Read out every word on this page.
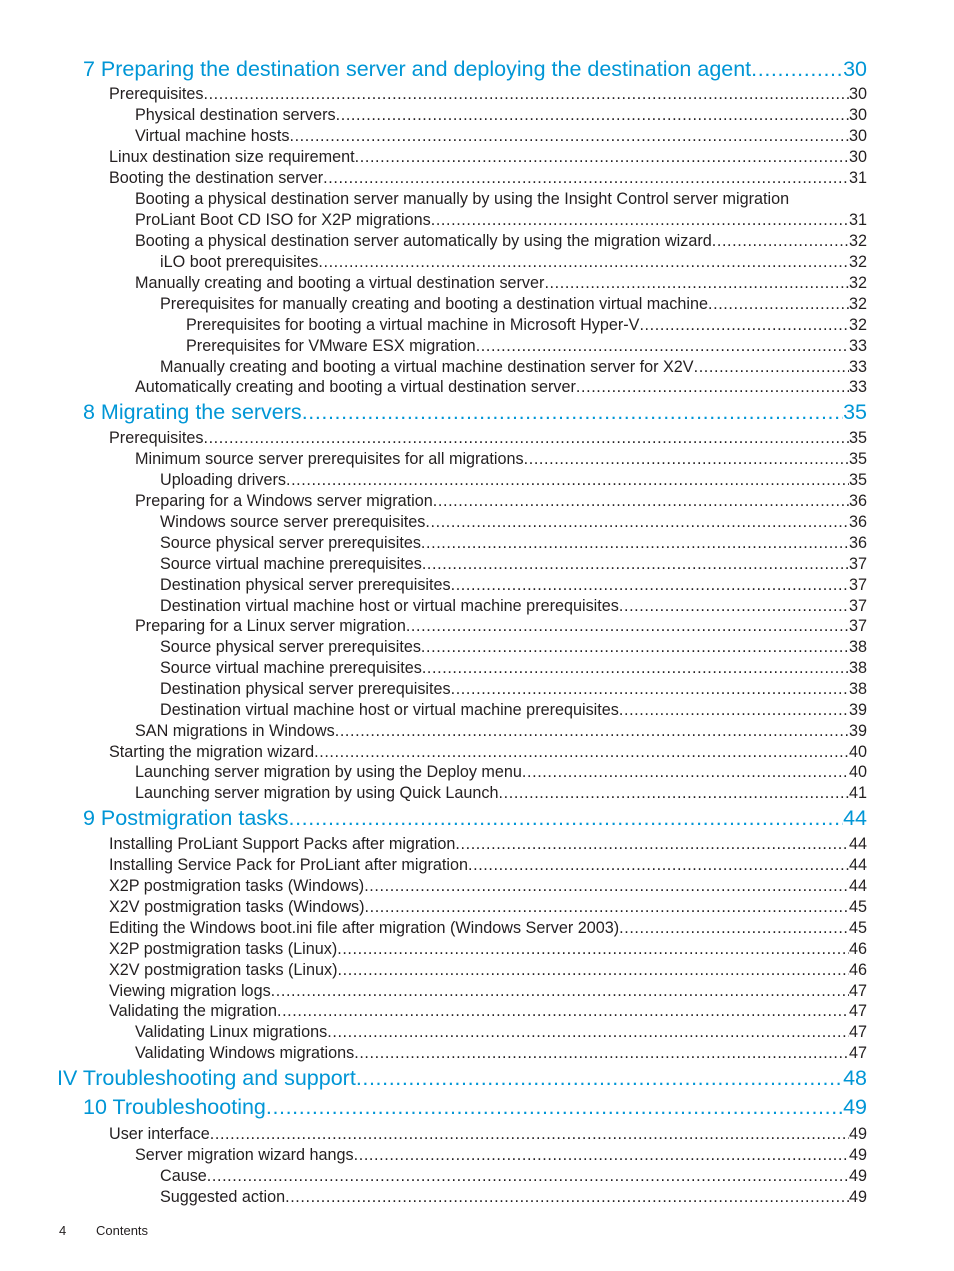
7 Preparing the destination server and deploying the destination agent .....	30
Prerequisites .....	30
Physical destination servers .....	30
Virtual machine hosts .....	30
Linux destination size requirement .....	30
Booting the destination server .....	31
Booting a physical destination server manually by using the Insight Control server migration
ProLiant Boot CD ISO for X2P migrations .....	31
Booting a physical destination server automatically by using the migration wizard .....	32
iLO boot prerequisites .....	32
Manually creating and booting a virtual destination server .....	32
Prerequisites for manually creating and booting a destination virtual machine .....	32
Prerequisites for booting a virtual machine in Microsoft Hyper-V .....	32
Prerequisites for VMware ESX migration .....	33
Manually creating and booting a virtual machine destination server for X2V .....	33
Automatically creating and booting a virtual destination server .....	33
8 Migrating the servers .....	35
Prerequisites .....	35
Minimum source server prerequisites for all migrations .....	35
Uploading drivers .....	35
Preparing for a Windows server migration .....	36
Windows source server prerequisites .....	36
Source physical server prerequisites .....	36
Source virtual machine prerequisites .....	37
Destination physical server prerequisites .....	37
Destination virtual machine host or virtual machine prerequisites .....	37
Preparing for a Linux server migration .....	37
Source physical server prerequisites .....	38
Source virtual machine prerequisites .....	38
Destination physical server prerequisites .....	38
Destination virtual machine host or virtual machine prerequisites .....	39
SAN migrations in Windows .....	39
Starting the migration wizard .....	40
Launching server migration by using the Deploy menu .....	40
Launching server migration by using Quick Launch .....	41
9 Postmigration tasks .....	44
Installing ProLiant Support Packs after migration .....	44
Installing Service Pack for ProLiant after migration .....	44
X2P postmigration tasks (Windows) .....	44
X2V postmigration tasks (Windows) .....	45
Editing the Windows boot.ini file after migration (Windows Server 2003) .....	45
X2P postmigration tasks (Linux) .....	46
X2V postmigration tasks (Linux) .....	46
Viewing migration logs .....	47
Validating the migration .....	47
Validating Linux migrations .....	47
Validating Windows migrations .....	47
IV Troubleshooting and support .....	48
10 Troubleshooting .....	49
User interface .....	49
Server migration wizard hangs .....	49
Cause .....	49
Suggested action .....	49
4 Contents
